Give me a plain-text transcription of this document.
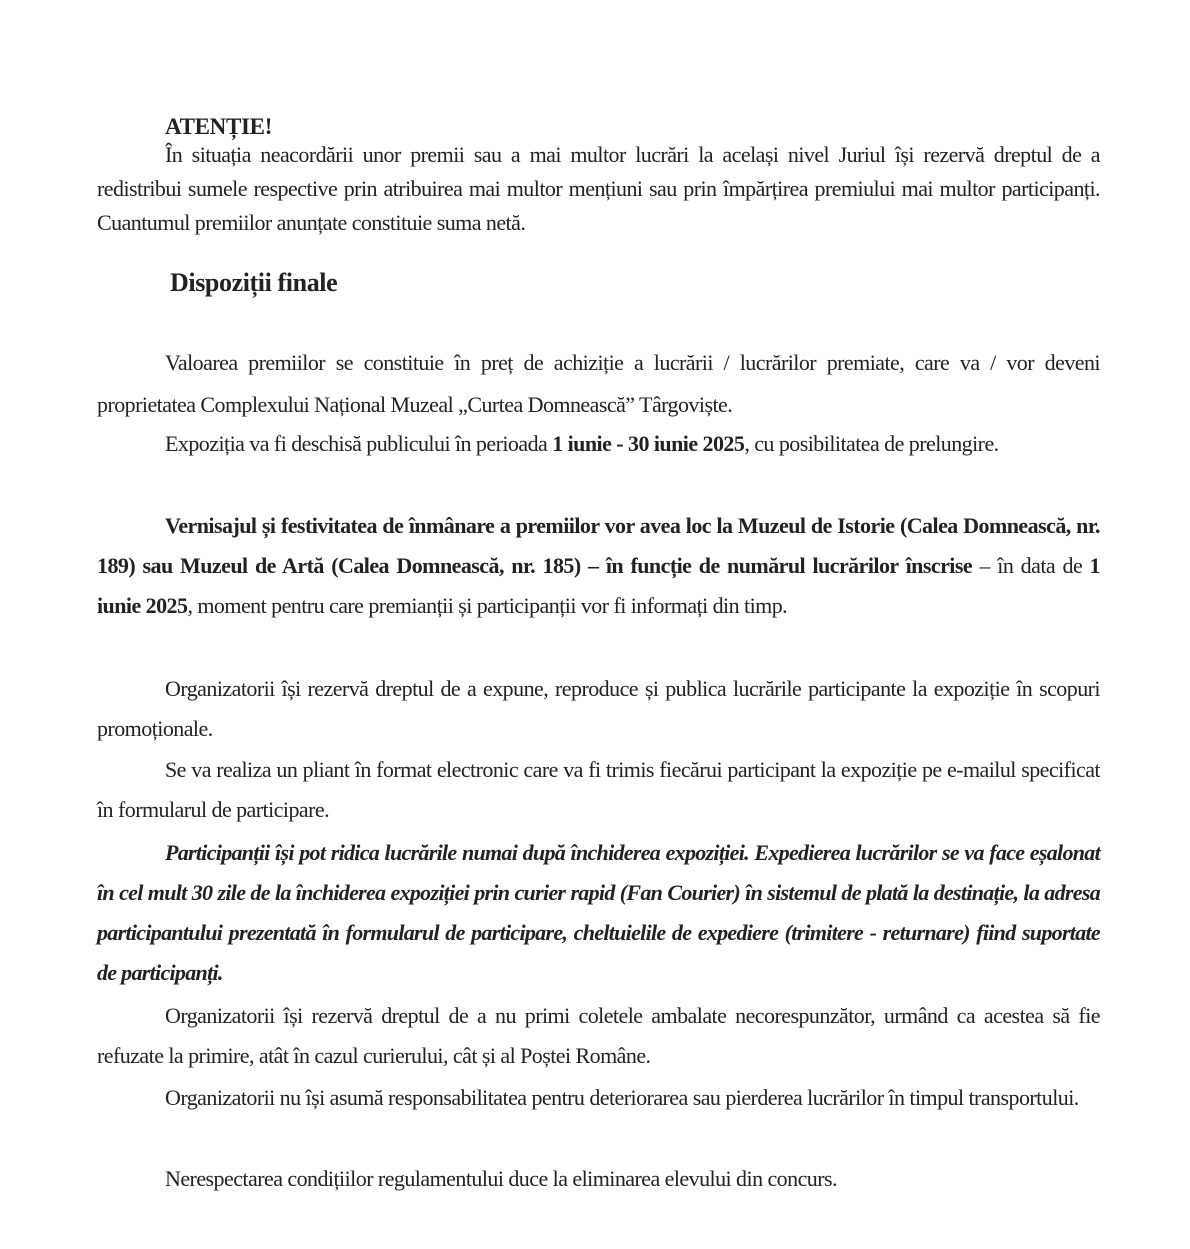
ATENȚIE!
În situația neacordării unor premii sau a mai multor lucrări la același nivel Juriul își rezervă dreptul de a redistribui sumele respective prin atribuirea mai multor mențiuni sau prin împărțirea premiului mai multor participanți. Cuantumul premiilor anunțate constituie suma netă.
Dispoziții finale
Valoarea premiilor se constituie în preț de achiziție a lucrării / lucrărilor premiate, care va / vor deveni proprietatea Complexului Național Muzeal „Curtea Domnească” Târgoviște.
Expoziția va fi deschisă publicului în perioada 1 iunie - 30 iunie 2025, cu posibilitatea de prelungire.
Vernisajul și festivitatea de înmânare a premiilor vor avea loc la Muzeul de Istorie (Calea Domnească, nr. 189) sau Muzeul de Artă (Calea Domnească, nr. 185) – în funcție de numărul lucrărilor înscrise – în data de 1 iunie 2025, moment pentru care premianții și participanții vor fi informați din timp.
Organizatorii își rezervă dreptul de a expune, reproduce și publica lucrările participante la expoziție în scopuri promoționale.
Se va realiza un pliant în format electronic care va fi trimis fiecărui participant la expoziție pe e-mailul specificat în formularul de participare.
Participanții își pot ridica lucrările numai după închiderea expoziției. Expedierea lucrărilor se va face eșalonat în cel mult 30 zile de la închiderea expoziției prin curier rapid (Fan Courier) în sistemul de plată la destinație, la adresa participantului prezentată în formularul de participare, cheltuielile de expediere (trimitere - returnare) fiind suportate de participanți.
Organizatorii își rezervă dreptul de a nu primi coletele ambalate necorespunzător, urmând ca acestea să fie refuzate la primire, atât în cazul curierului, cât și al Poștei Române.
Organizatorii nu își asumă responsabilitatea pentru deteriorarea sau pierderea lucrărilor în timpul transportului.
Nerespectarea condițiilor regulamentului duce la eliminarea elevului din concurs.
